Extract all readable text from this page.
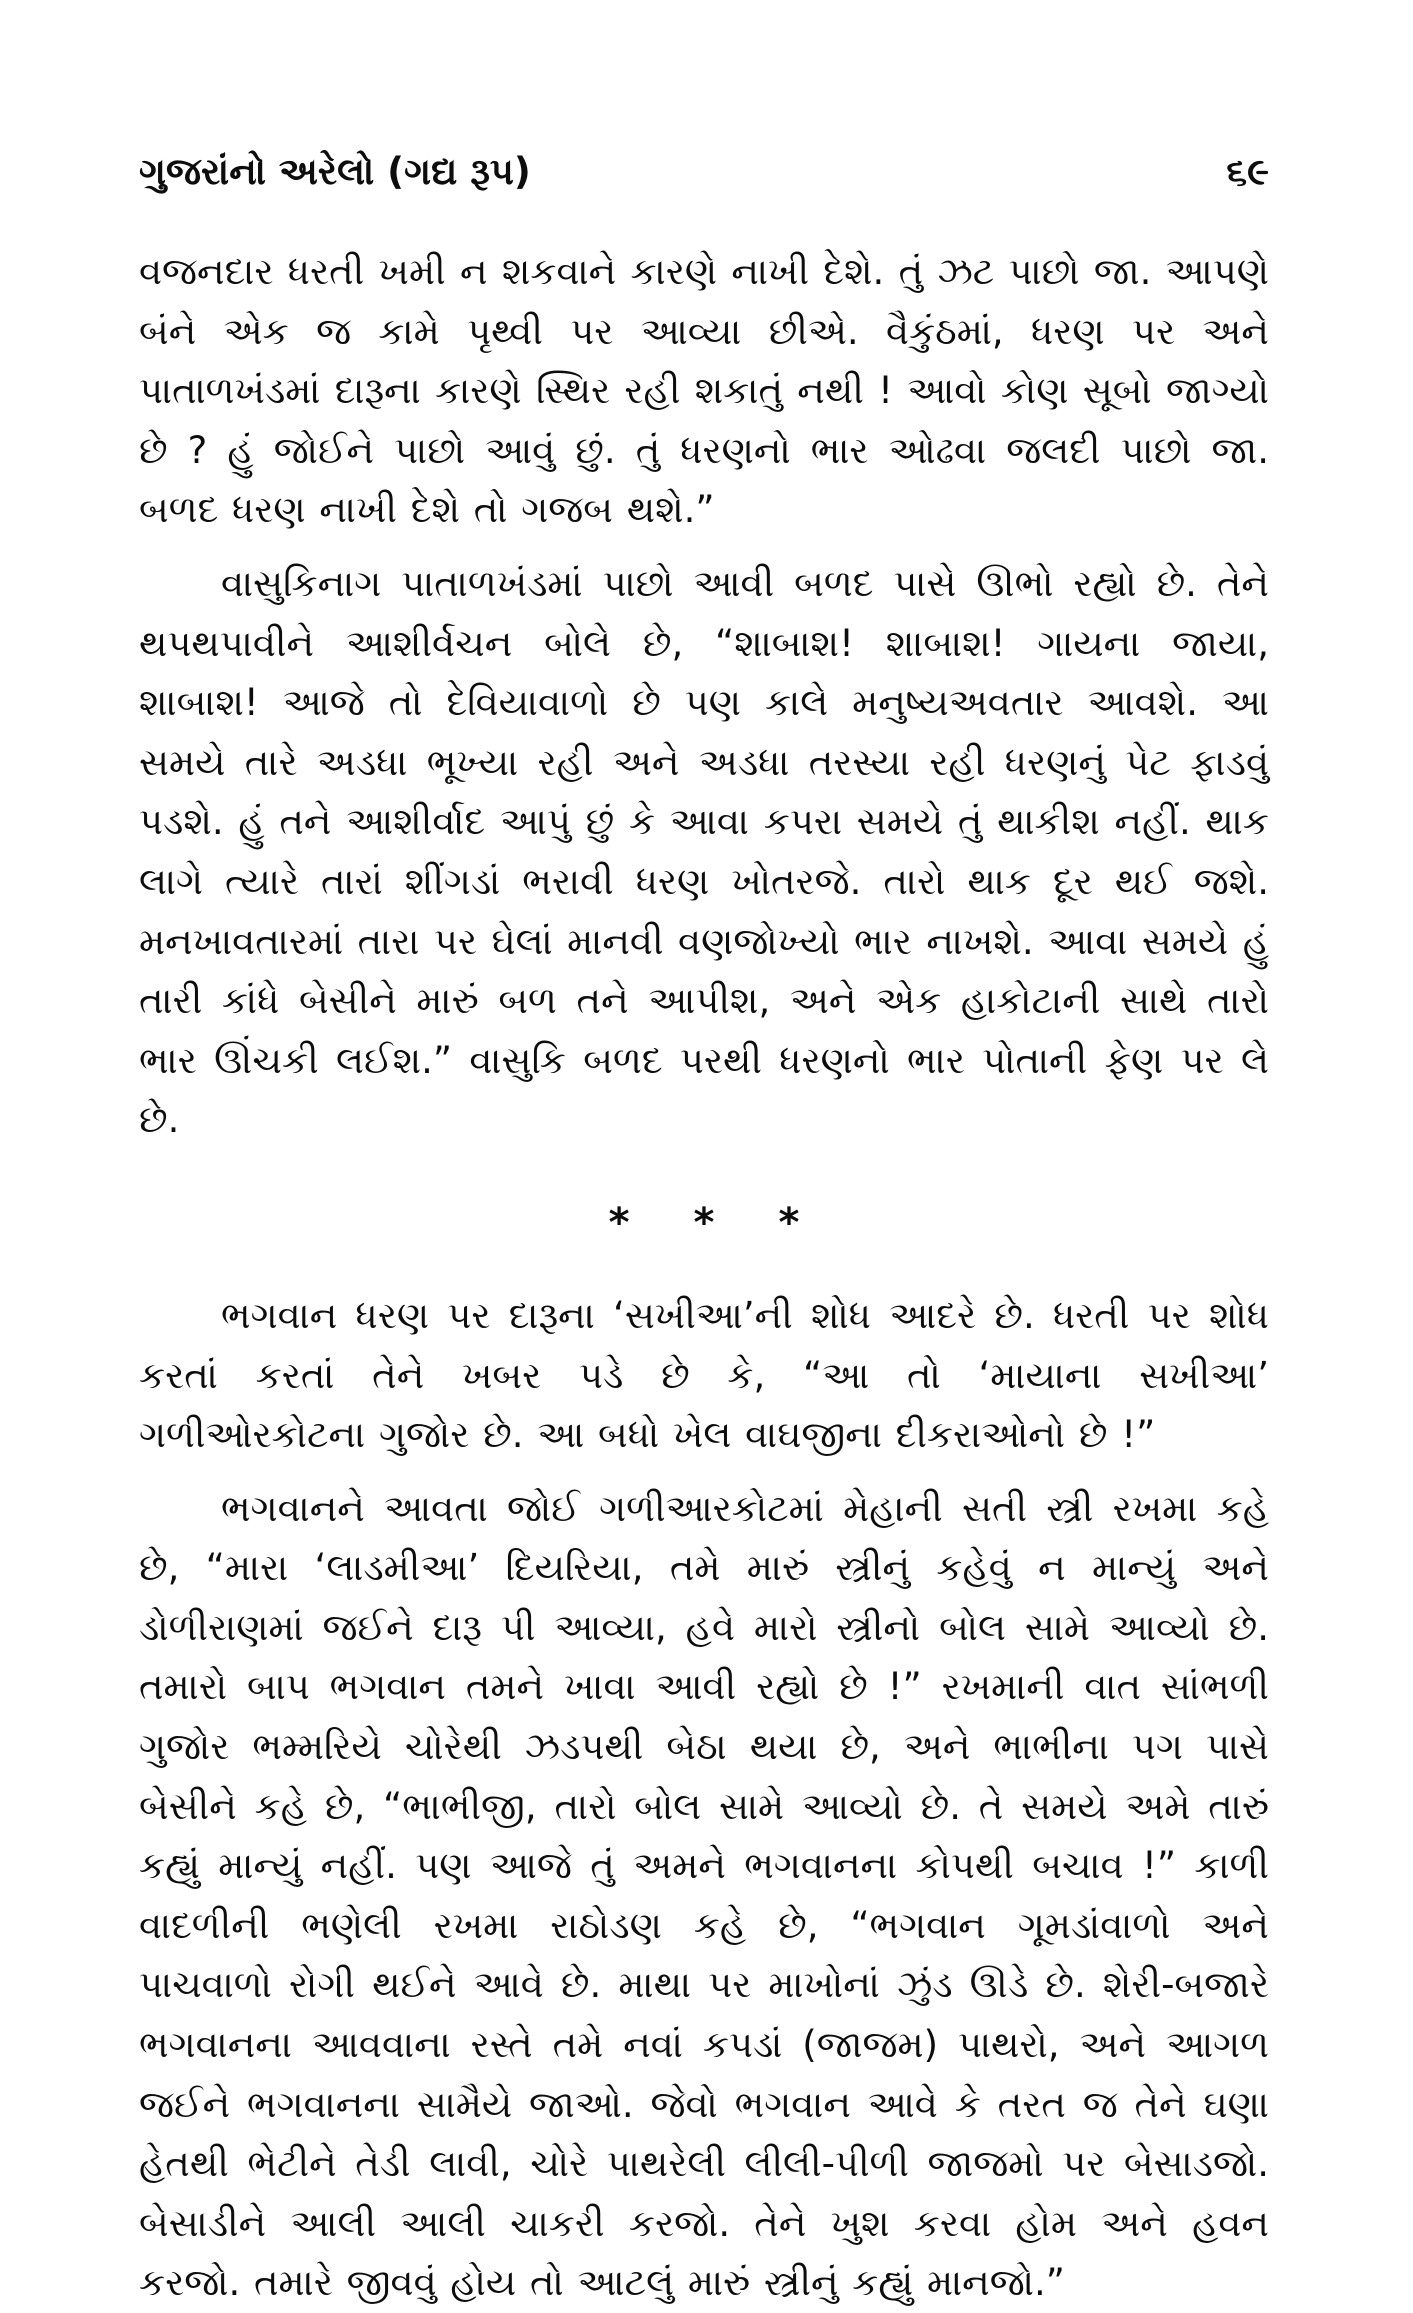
ગુજરાંનો અરેલો (ગદ્ય રૂપ)	૬૯

વજનદાર ધરતી ખમી ન શકવાને કારણે નાખી દેશે. તું ઝટ પાછો જા. આપણે બંને એક જ કામે પૃથ્વી પર આવ્યા છીએ. વૈકુંઠમાં, ધરણ પર અને પાતાળખંડમાં દારૂના કારણે સ્થિર રહી શકાતું નથી ! આવો કોણ સૂબો જાગ્યો છે ? હું જોઈને પાછો આવું છું. તું ધરણનો ભાર ઓઢવા જલદી પાછો જા. બળદ ધરણ નાખી દેશે તો ગજબ થશે.”

વાસુકિનાગ પાતાળખંડમાં પાછો આવી બળદ પાસે ઊભો રહ્યો છે. તેને થપથપાવીને આશીર્વચન બોલે છે, “શાબાશ! શાબાશ! ગાયના જાયા, શાબાશ! આજે તો દેવિયાવાળો છે પણ કાલે મનુષ્યઅવતાર આવશે. આ સમયે તારે અડધા ભૂખ્યા રહી અને અડધા તરસ્યા રહી ધરણનું પેટ ફાડવું પડશે. હું તને આશીર્વાદ આપું છું કે આવા કપરા સમયે તું થાકીશ નહીં. થાક લાગે ત્યારે તારાં શીંગડાં ભરાવી ધરણ ખોતરજે. તારો થાક દૂર થઈ જશે. મનખાવતારમાં તારા પર ઘેલાં માનવી વણજોખ્યો ભાર નાખશે. આવા સમયે હું તારી કાંધે બેસીને મારું બળ તને આપીશ, અને એક હાકોટાની સાથે તારો ભાર ઊંચકી લઈશ.” વાસુકિ બળદ પરથી ધરણનો ભાર પોતાની ફેણ પર લે છે.

* * *

ભગવાન ધરણ પર દારૂના ‘સખીઆ’ની શોધ આદરે છે. ધરતી પર શોધ કરતાં કરતાં તેને ખબર પડે છે કે, “આ તો ‘માયાના સખીઆ’ ગળીઓરકોટના ગુજોર છે. આ બધો ખેલ વાઘજીના દીકરાઓનો છે !”

ભગવાનને આવતા જોઈ ગળીઆરકોટમાં મેહાની સતી સ્ત્રી રખમા કહે છે, “મારા ‘લાડમીઆ’ દિયરિયા, તમે મારું સ્ત્રીનું કહેવું ન માન્યું અને ડોળીરાણમાં જઈને દારૂ પી આવ્યા, હવે મારો સ્ત્રીનો બોલ સામે આવ્યો છે. તમારો બાપ ભગવાન તમને ખાવા આવી રહ્યો છે !” રખમાની વાત સાંભળી ગુજોર ભમ્મરિયે ચોરેથી ઝડપથી બેઠા થયા છે, અને ભાભીના પગ પાસે બેસીને કહે છે, “ભાભીજી, તારો બોલ સામે આવ્યો છે. તે સમયે અમે તારું કહ્યું માન્યું નહીં. પણ આજે તું અમને ભગવાનના કોપથી બચાવ !” કાળી વાદળીની ભણેલી રખમા રાઠોડણ કહે છે, “ભગવાન ગૂમડાંવાળો અને પાચવાળો રોગી થઈને આવે છે. માથા પર માખોનાં ઝુંડ ઊડે છે. શેરી-બજારે ભગવાનના આવવાના રસ્તે તમે નવાં કપડાં (જાજમ) પાથરો, અને આગળ જઈને ભગવાનના સામૈયે જાઓ. જેવો ભગવાન આવે કે તરત જ તેને ઘણા હેતથી ભેટીને તેડી લાવી, ચોરે પાથરેલી લીલી-પીળી જાજમો પર બેસાડજો. બેસાડીને આલી આલી ચાકરી કરજો. તેને ખુશ કરવા હોમ અને હવન કરજો. તમારે જીવવું હોય તો આટલું મારું સ્ત્રીનું કહ્યું માનજો.”
